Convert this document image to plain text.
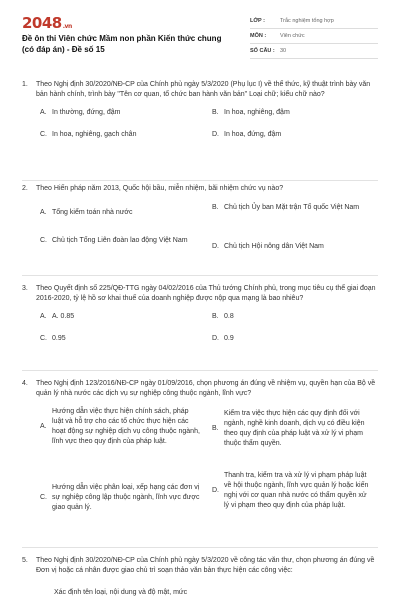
2048.vn
Đề ôn thi Viên chức Mầm non phần Kiến thức chung (có đáp án) - Đề số 15
LỚP :	Trắc nghiệm tổng hợp
MÔN :	Viên chức
SỐ CÂU : 30
1. Theo Nghị định 30/2020/NĐ-CP của Chính phủ ngày 5/3/2020 (Phụ lục I) về thể thức, kỹ thuật trình bày văn bản hành chính, trình bày "Tên cơ quan, tổ chức ban hành văn bản" Loại chữ; kiểu chữ nào?
A. In thường, đứng, đậm	B. In hoa, nghiêng, đậm
C. In hoa, nghiêng, gạch chân	D. In hoa, đứng, đậm
2. Theo Hiến pháp năm 2013, Quốc hội bầu, miễn nhiệm, bãi nhiệm chức vụ nào?
A. Tổng kiểm toán nhà nước
B. Chủ tịch Ủy ban Mặt trận Tổ quốc Việt Nam
C. Chủ tịch Tổng Liên đoàn lao động Việt Nam
D. Chủ tịch Hội nông dân Việt Nam
3. Theo Quyết định số 225/QĐ-TTG ngày 04/02/2016 của Thủ tướng Chính phủ, trong mục tiêu cụ thể giai đoạn 2016-2020, tỷ lệ hồ sơ khai thuế của doanh nghiệp được nộp qua mạng là bao nhiêu?
A. A. 0.85	B. 0.8
C. 0.95	D. 0.9
4. Theo Nghị định 123/2016/NĐ-CP ngày 01/09/2016, chọn phương án đúng về nhiệm vụ, quyền hạn của Bộ về quản lý nhà nước các dịch vụ sự nghiệp công thuộc ngành, lĩnh vực?
A.
Hướng dẫn việc thực hiện chính sách, pháp luật và hỗ trợ cho các tổ chức thực hiện các hoạt động sự nghiệp dịch vụ công thuộc ngành, lĩnh vực theo quy định của pháp luật.
B.
Kiểm tra việc thực hiện các quy định đối với ngành, nghề kinh doanh, dịch vụ có điều kiện theo quy định của pháp luật và xử lý vi phạm thuộc thẩm quyền.
C.
Hướng dẫn việc phân loại, xếp hạng các đơn vị sự nghiệp công lập thuộc ngành, lĩnh vực được giao quản lý.
D.
Thanh tra, kiểm tra và xử lý vi phạm pháp luật về hội thuộc ngành, lĩnh vực quản lý hoặc kiến nghị với cơ quan nhà nước có thẩm quyền xử lý vi phạm theo quy định của pháp luật.
5. Theo Nghị định 30/2020/NĐ-CP của Chính phủ ngày 5/3/2020 về công tác văn thư, chọn phương án đúng về Đơn vị hoặc cá nhân được giao chủ trì soạn thảo văn bản thực hiện các công việc:
Xác định tên loại, nội dung và độ mật, mức
